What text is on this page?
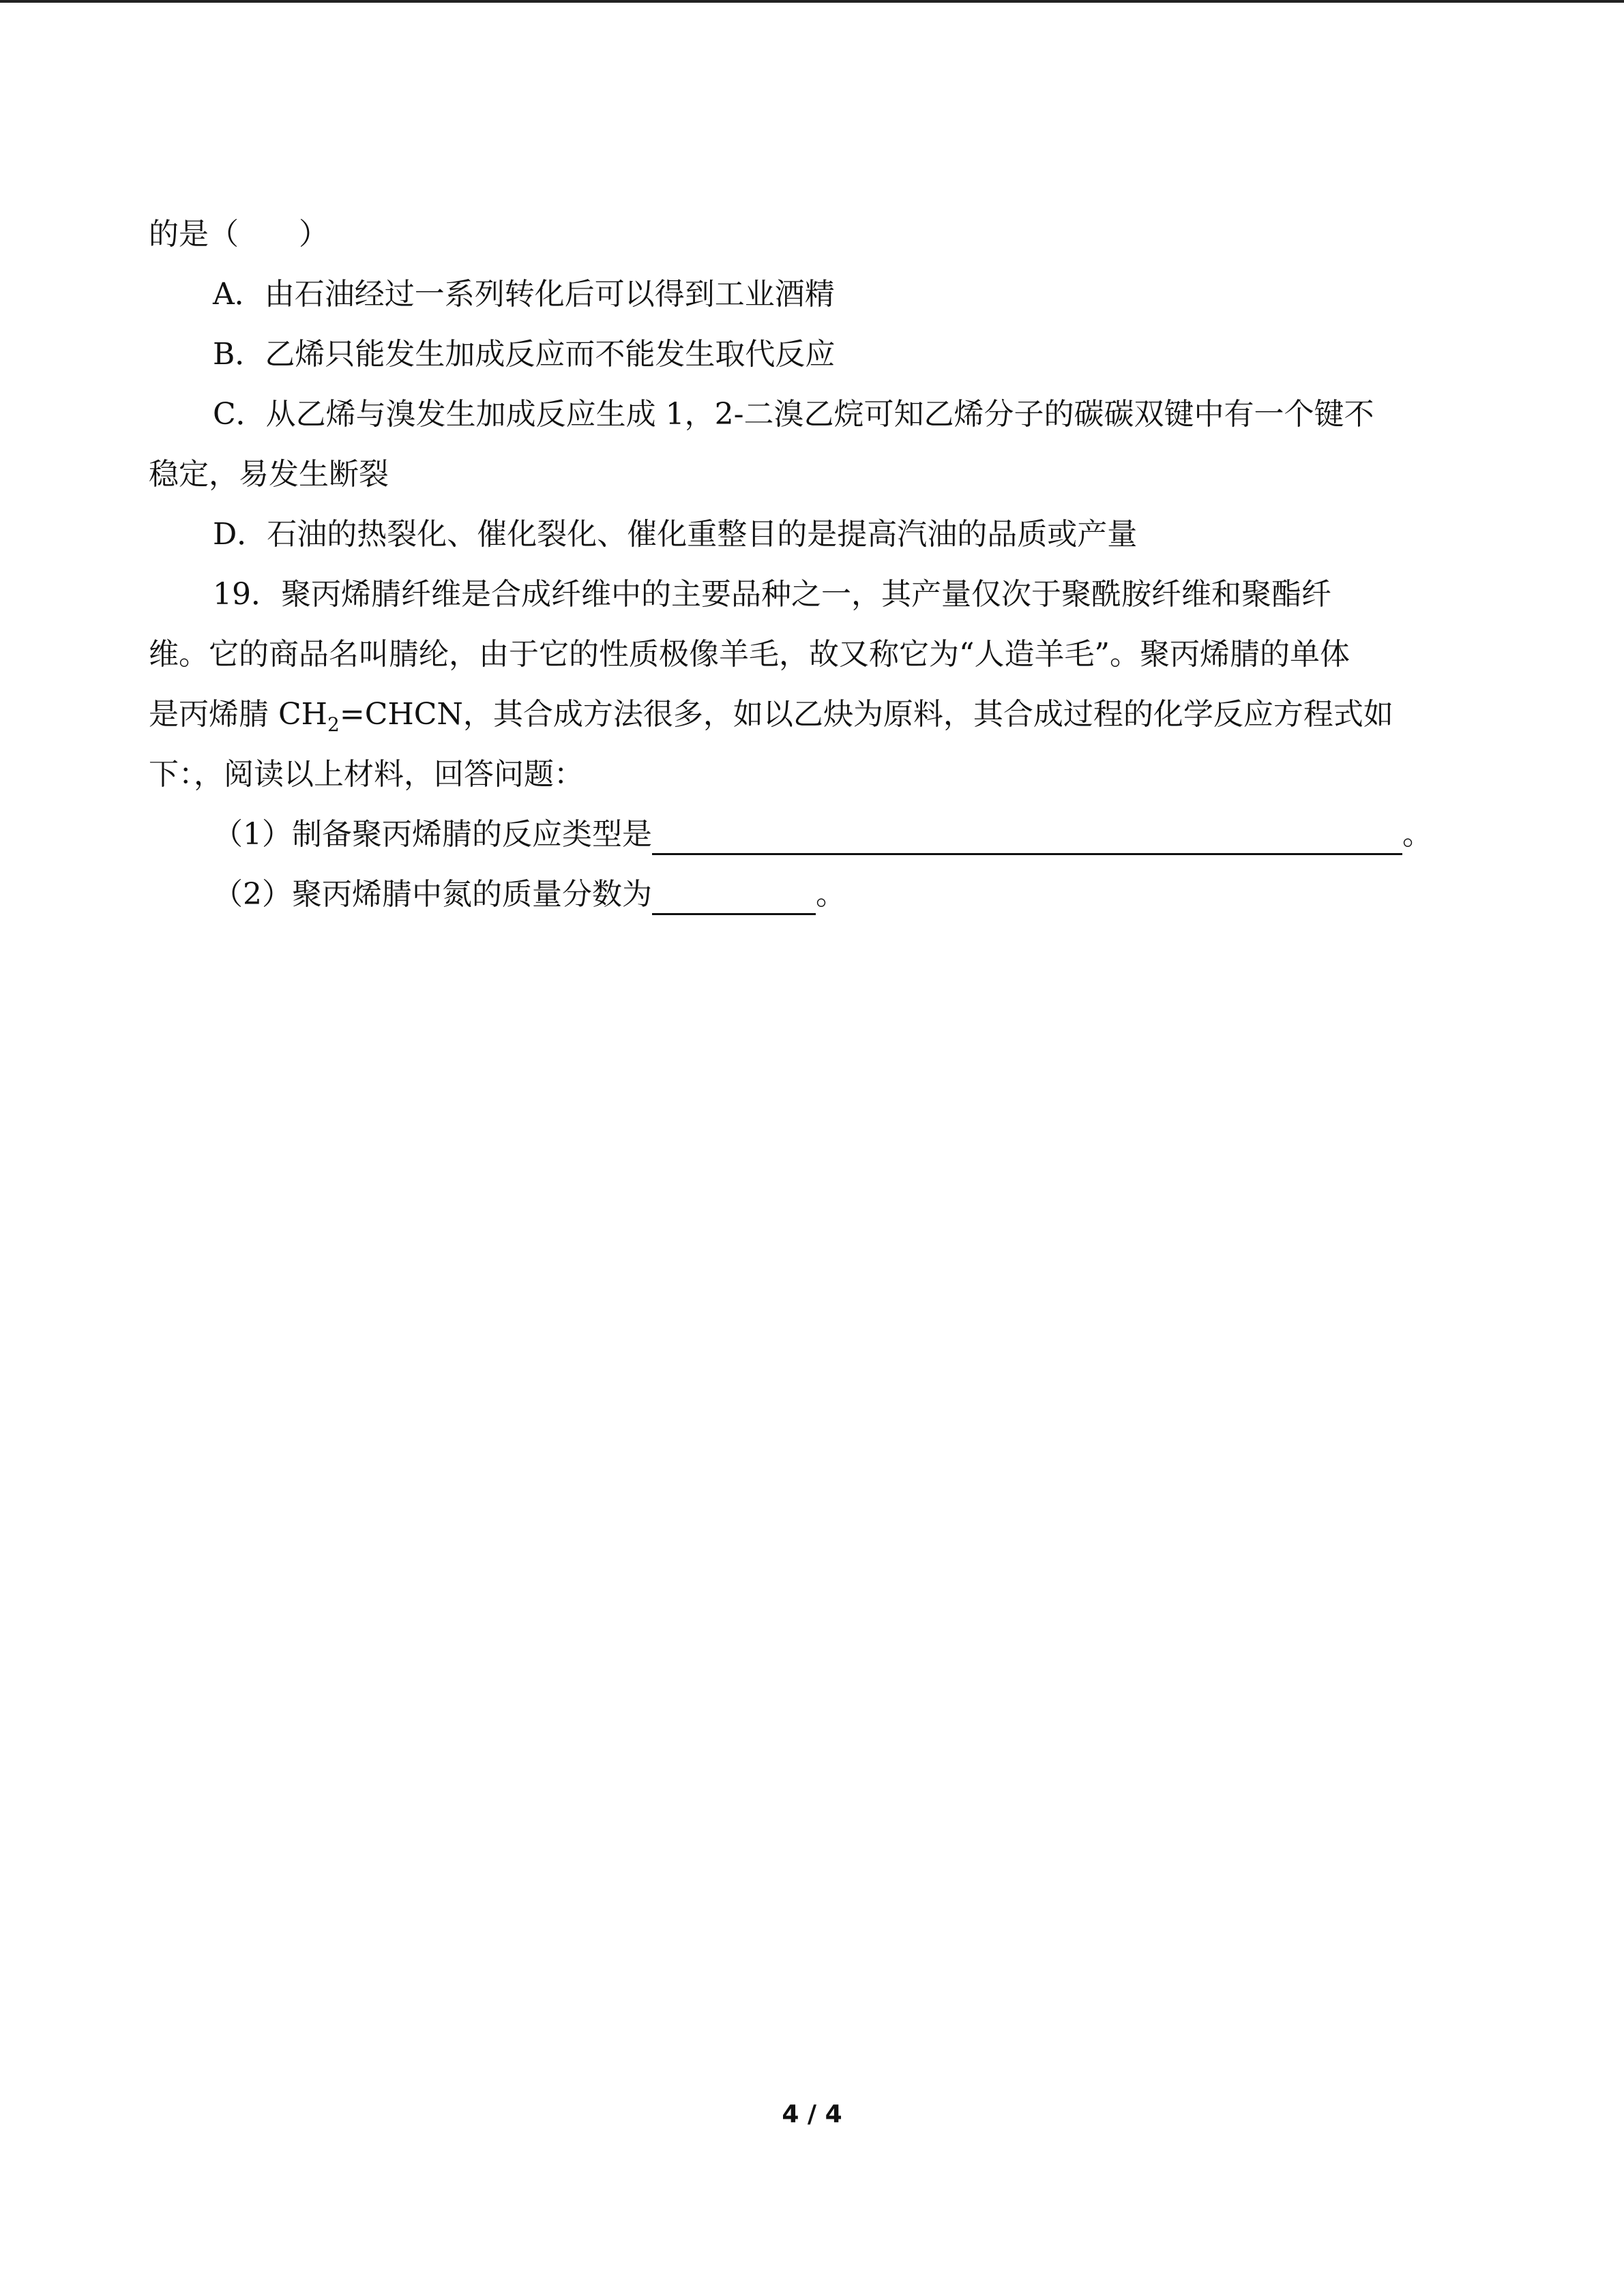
的是（　　）
A．由石油经过一系列转化后可以得到工业酒精
B．乙烯只能发生加成反应而不能发生取代反应
C．从乙烯与溴发生加成反应生成 1，2-二溴乙烷可知乙烯分子的碳碳双键中有一个键不
稳定，易发生断裂
D．石油的热裂化、催化裂化、催化重整目的是提高汽油的品质或产量
19．聚丙烯腈纤维是合成纤维中的主要品种之一，其产量仅次于聚酰胺纤维和聚酯纤
维。它的商品名叫腈纶，由于它的性质极像羊毛，故又称它为“人造羊毛”。聚丙烯腈的单体
是丙烯腈 $CH_2=CHCN$，其合成方法很多，如以乙炔为原料，其合成过程的化学反应方程式如
下：，阅读以上材料，回答问题：
（1）制备聚丙烯腈的反应类型是	。
（2）聚丙烯腈中氮的质量分数为	。
4 / 4
